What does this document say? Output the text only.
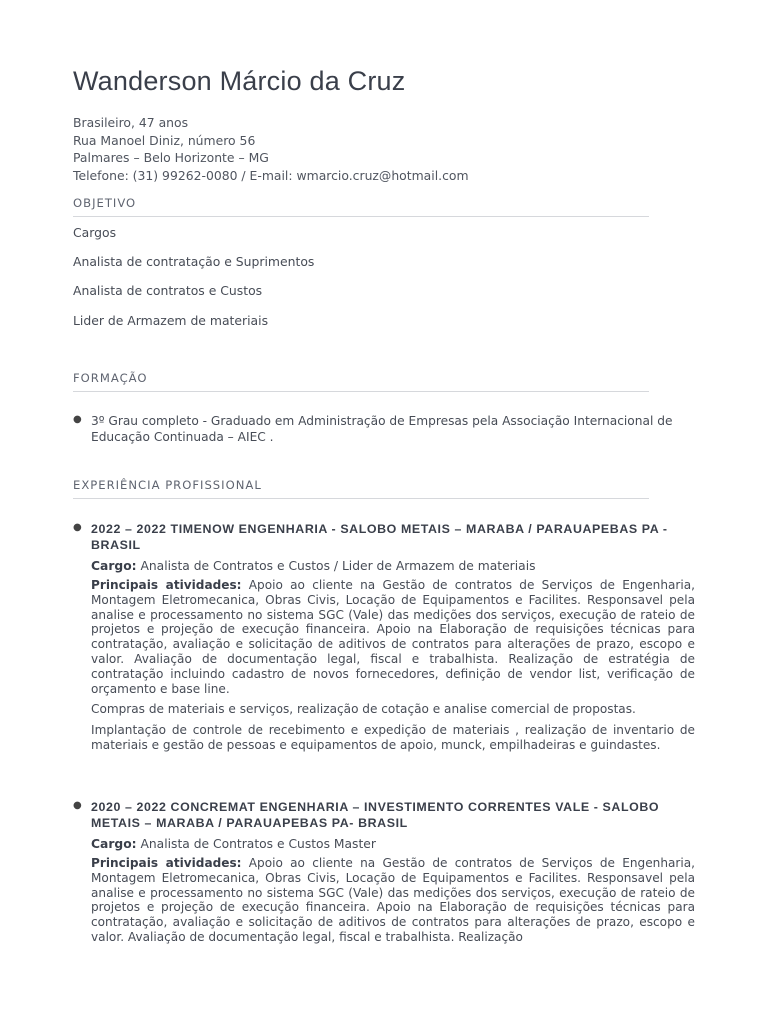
Wanderson Márcio da Cruz
Brasileiro, 47 anos
Rua Manoel Diniz, número 56
Palmares – Belo Horizonte – MG
Telefone: (31) 99262-0080 / E-mail: wmarcio.cruz@hotmail.com
OBJETIVO
Cargos
Analista de contratação e Suprimentos
Analista de contratos e Custos
Lider de Armazem de materiais
FORMAÇÃO
● 3º Grau completo - Graduado em Administração de Empresas pela Associação Internacional de Educação Continuada – AIEC .
EXPERIÊNCIA PROFISSIONAL
● 2022 – 2022 TIMENOW ENGENHARIA - SALOBO METAIS – MARABA / PARAUAPEBAS PA - BRASIL
Cargo: Analista de Contratos e Custos / Lider de Armazem de materiais
Principais atividades: Apoio ao cliente na Gestão de contratos de Serviços de Engenharia, Montagem Eletromecanica, Obras Civis, Locação de Equipamentos e Facilites. Responsavel pela analise e processamento no sistema SGC (Vale) das medições dos serviços, execução de rateio de projetos e projeção de execução financeira. Apoio na Elaboração de requisições técnicas para contratação, avaliação e solicitação de aditivos de contratos para alterações de prazo, escopo e valor. Avaliação de documentação legal, fiscal e trabalhista. Realização de estratégia de contratação incluindo cadastro de novos fornecedores, definição de vendor list, verificação de orçamento e base line.
Compras de materiais e serviços, realização de cotação e analise comercial de propostas.
Implantação de controle de recebimento e expedição de materiais , realização de inventario de materiais e gestão de pessoas e equipamentos de apoio, munck, empilhadeiras e guindastes.
● 2020 – 2022 CONCREMAT ENGENHARIA – INVESTIMENTO CORRENTES VALE - SALOBO METAIS – MARABA / PARAUAPEBAS PA- BRASIL
Cargo: Analista de Contratos e Custos Master
Principais atividades: Apoio ao cliente na Gestão de contratos de Serviços de Engenharia, Montagem Eletromecanica, Obras Civis, Locação de Equipamentos e Facilites. Responsavel pela analise e processamento no sistema SGC (Vale) das medições dos serviços, execução de rateio de projetos e projeção de execução financeira. Apoio na Elaboração de requisições técnicas para contratação, avaliação e solicitação de aditivos de contratos para alterações de prazo, escopo e valor. Avaliação de documentação legal, fiscal e trabalhista. Realização
